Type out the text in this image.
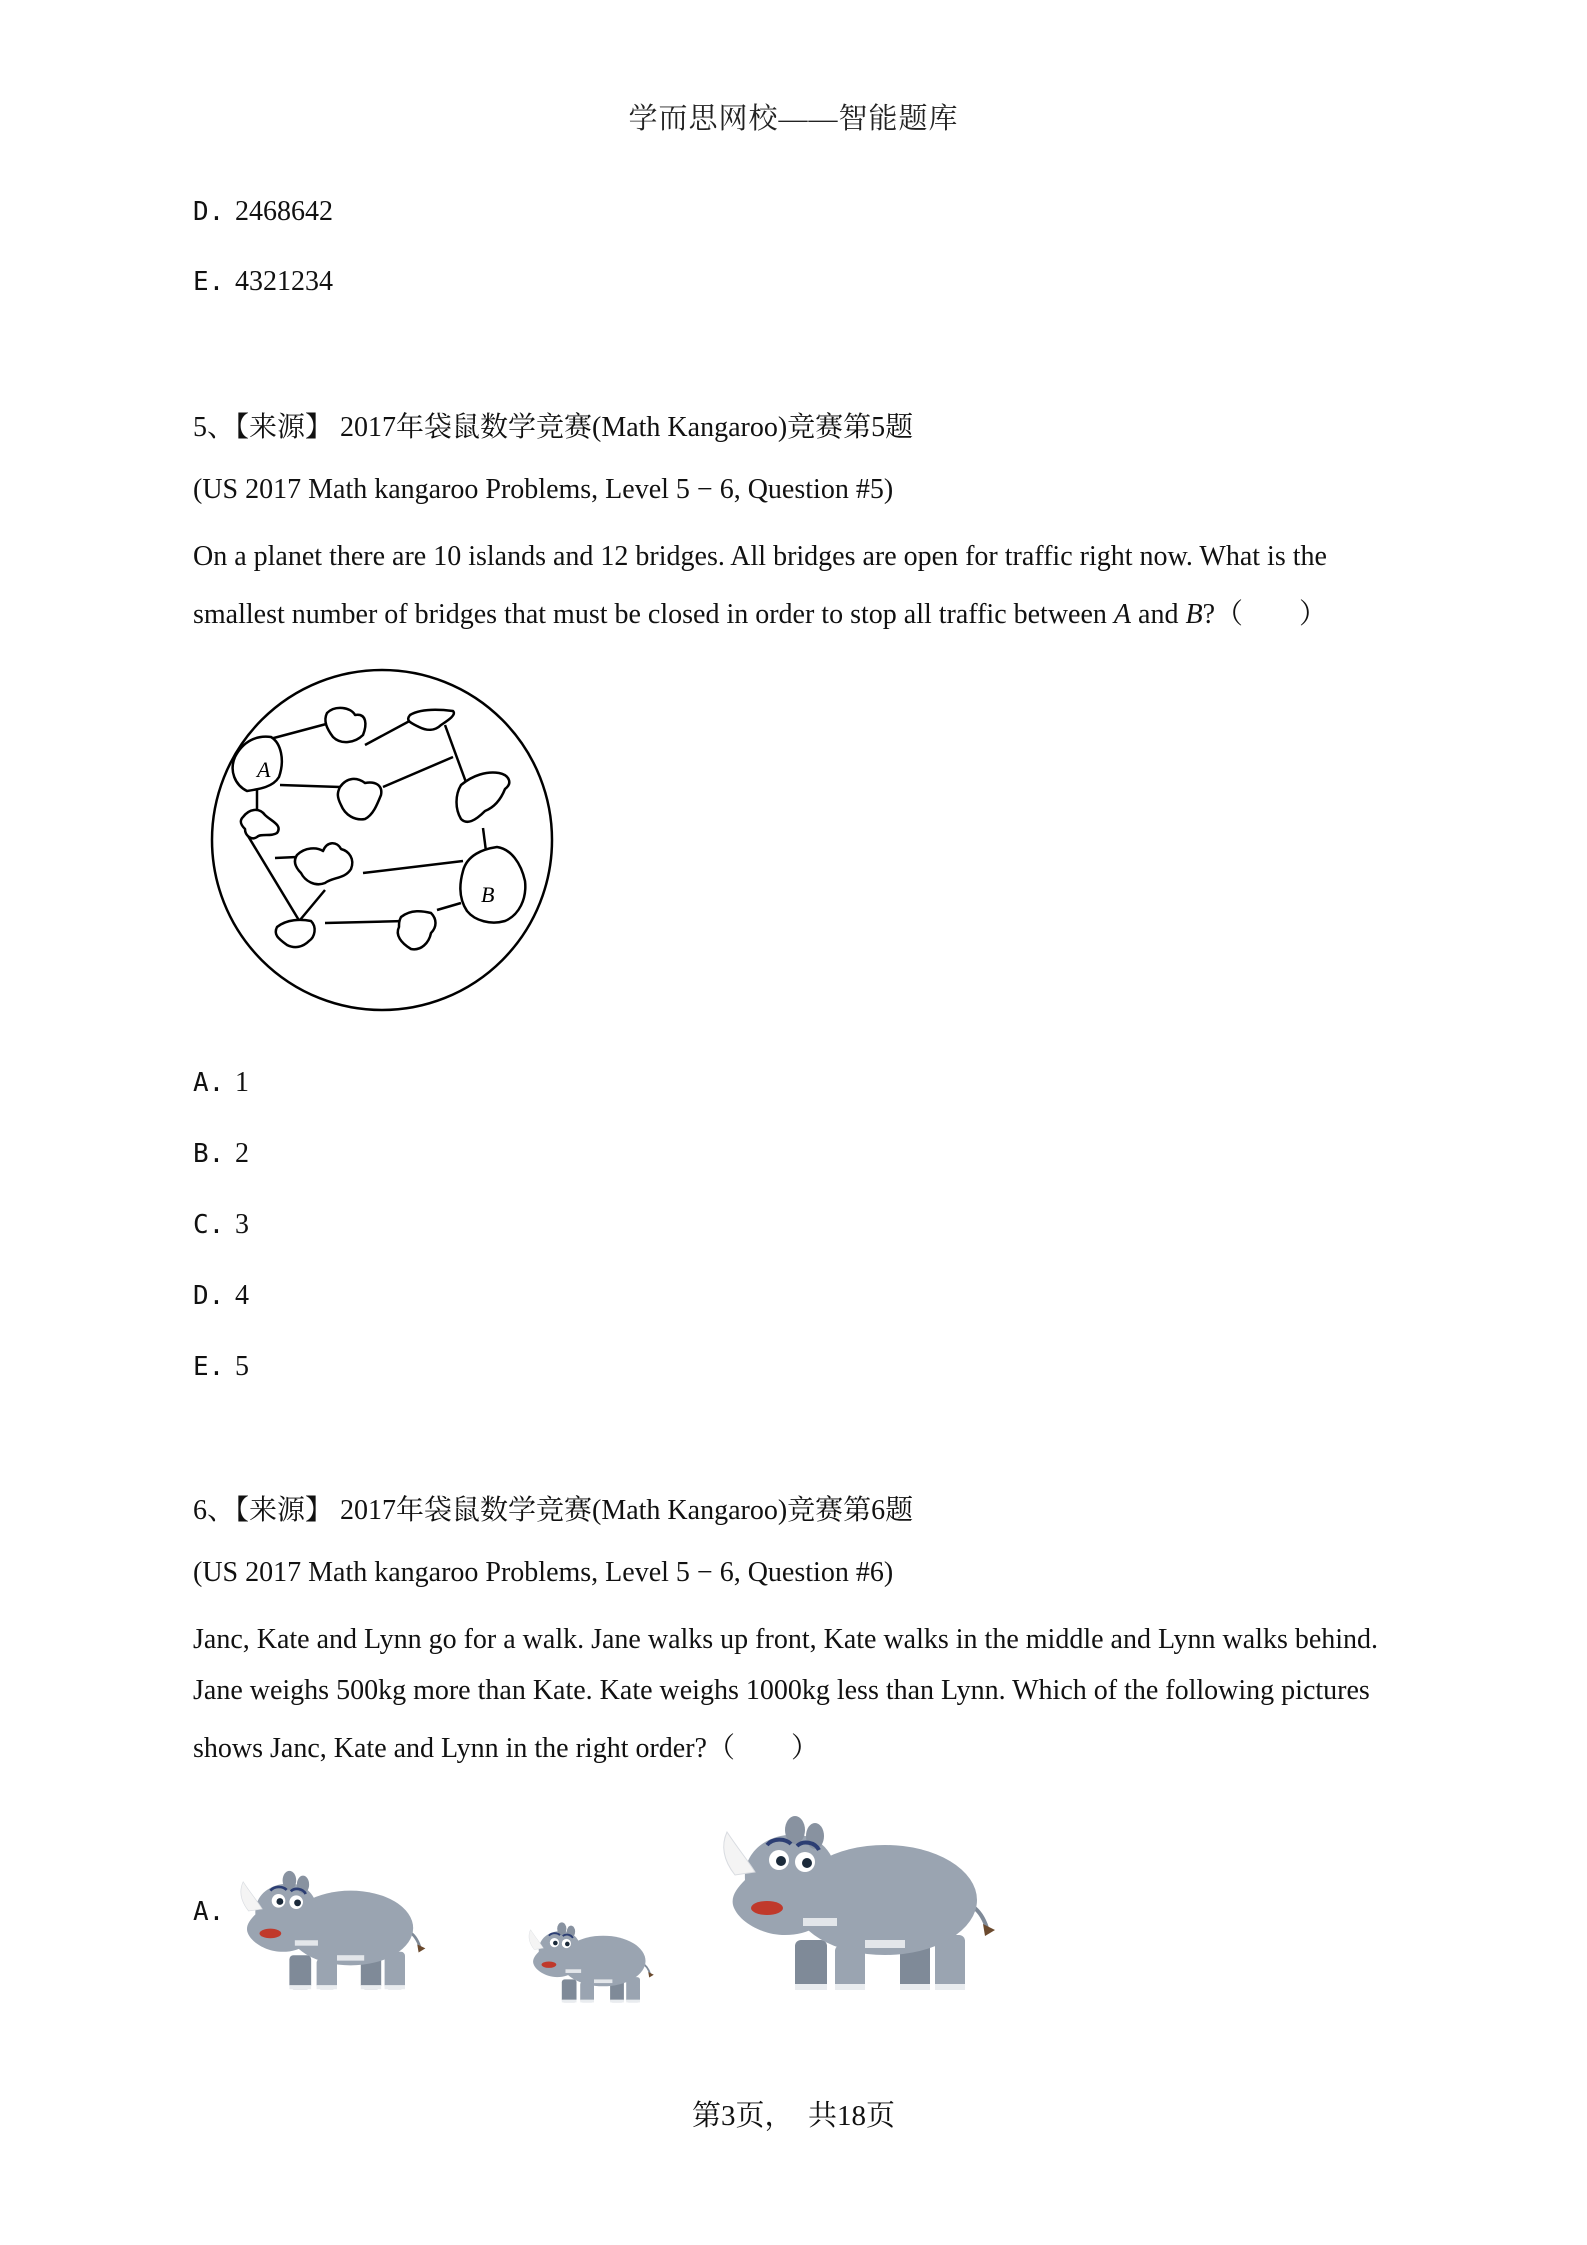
学而思网校——智能题库
D. 2468642
E. 4321234
5、【来源】 2017年袋鼠数学竞赛(Math Kangaroo)竞赛第5题
(US 2017 Math kangaroo Problems, Level 5 − 6, Question #5)
On a planet there are 10 islands and 12 bridges. All bridges are open for traffic right now. What is the
smallest number of bridges that must be closed in order to stop all traffic between A and B?（　　）
A
B
A. 1
B. 2
C. 3
D. 4
E. 5
6、【来源】 2017年袋鼠数学竞赛(Math Kangaroo)竞赛第6题
(US 2017 Math kangaroo Problems, Level 5 − 6, Question #6)
Janc, Kate and Lynn go for a walk. Jane walks up front, Kate walks in the middle and Lynn walks behind.
Jane weighs 500kg more than Kate. Kate weighs 1000kg less than Lynn. Which of the following pictures
shows Janc, Kate and Lynn in the right order?（　　）
A.
第3页，　共18页
